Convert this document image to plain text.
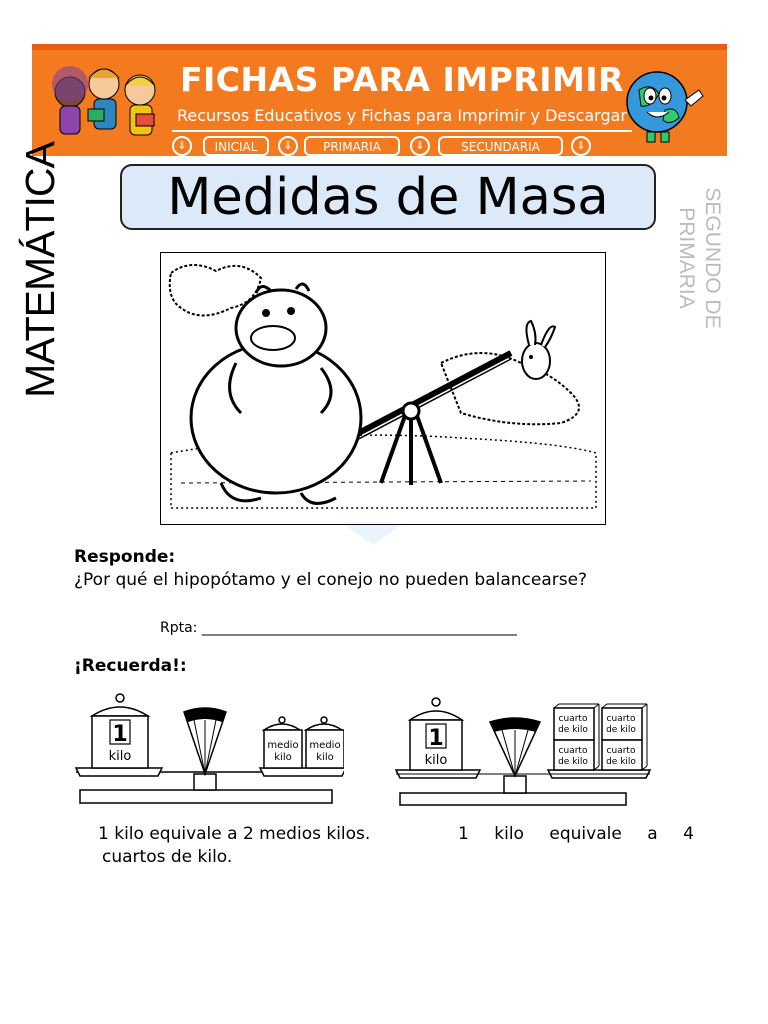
FICHAS PARA IMPRIMIR
Recursos Educativos y Fichas para Imprimir y Descargar
⇓	INICIAL	⇓	PRIMARIA	⇓	SECUNDARIA	⇓
MATEMÁTICA	SEGUNDO DE PRIMARIA
Medidas de Masa
Responde:
¿Por qué el hipopótamo y el conejo no pueden balancearse?
Rpta: _____________________________________________
¡Recuerda!:
1
kilo
medio
kilo
medio
kilo
1
kilo
cuarto
de kilo
cuarto
de kilo
cuarto
de kilo
cuarto
de kilo
1 kilo equivale a 2 medios kilos.	1 kilo equivale a 4
cuartos de kilo.
